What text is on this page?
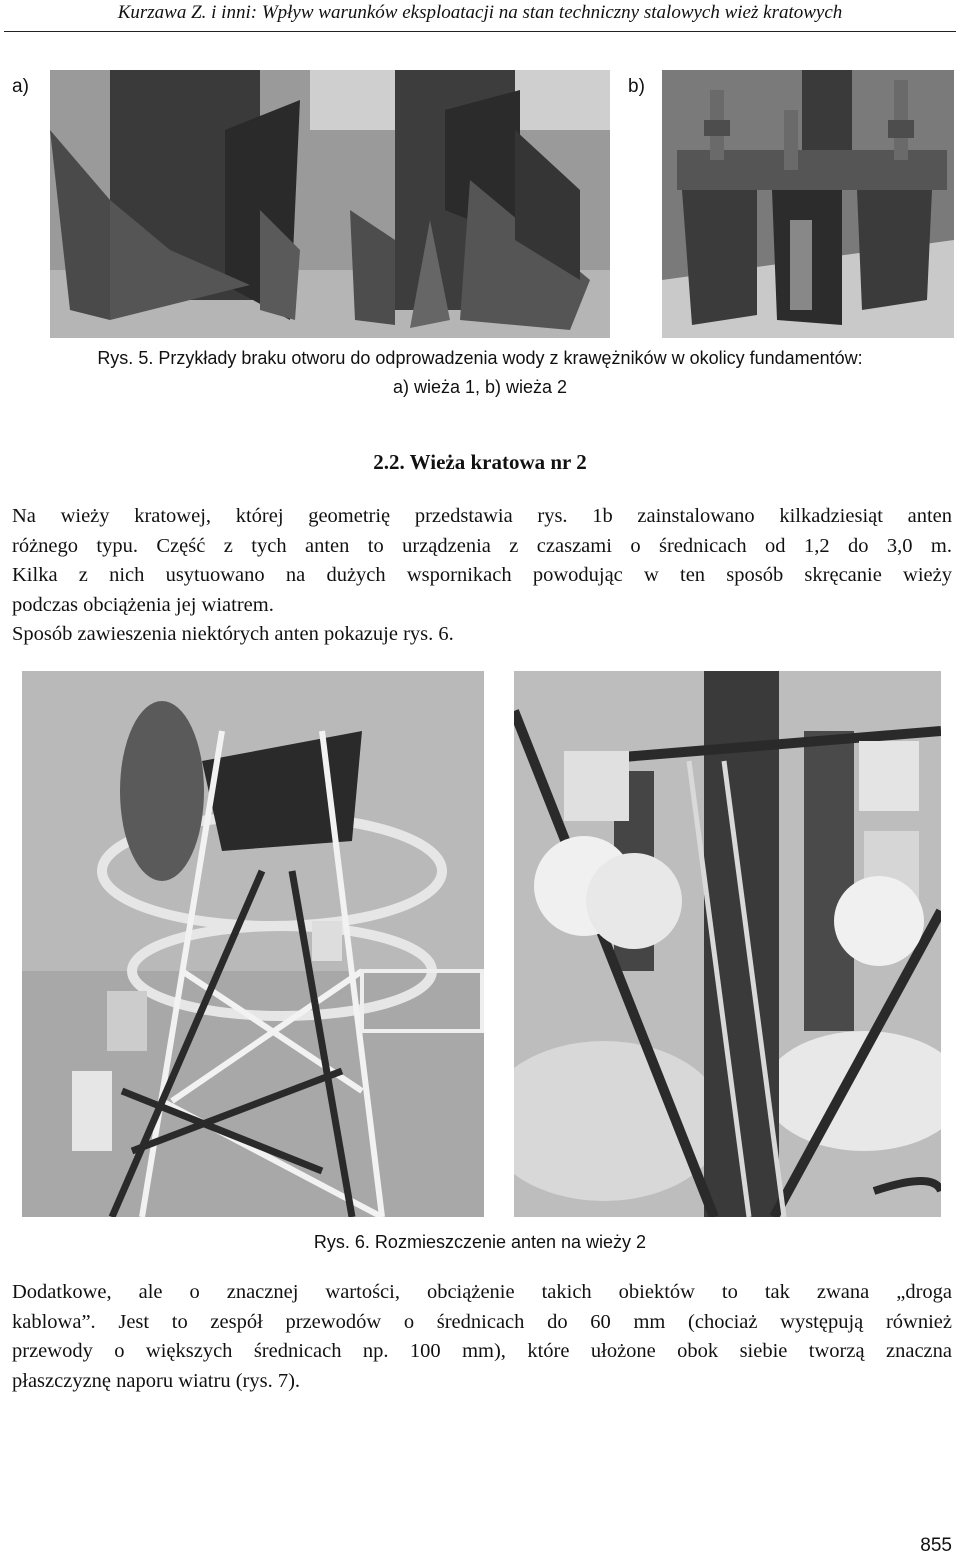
Kurzawa Z. i inni: Wpływ warunków eksploatacji na stan techniczny stalowych wież kratowych
a)	b)
Rys. 5. Przykłady braku otworu do odprowadzenia wody z krawężników w okolicy fundamentów:
a) wieża 1, b) wieża 2
2.2. Wieża kratowa nr 2
Na wieży kratowej, której geometrię przedstawia rys. 1b zainstalowano kilkadziesiąt anten
różnego typu. Część z tych anten to urządzenia z czaszami o średnicach od 1,2 do 3,0 m.
Kilka z nich usytuowano na dużych wspornikach powodując w ten sposób skręcanie wieży
podczas obciążenia jej wiatrem.
Sposób zawieszenia niektórych anten pokazuje rys. 6.
Rys. 6. Rozmieszczenie anten na wieży 2
Dodatkowe, ale o znacznej wartości, obciążenie takich obiektów to tak zwana „droga
kablowa”. Jest to zespół przewodów o średnicach do 60 mm (chociaż występują również
przewody o większych średnicach np. 100 mm), które ułożone obok siebie tworzą znaczna
płaszczyznę naporu wiatru (rys. 7).
855
